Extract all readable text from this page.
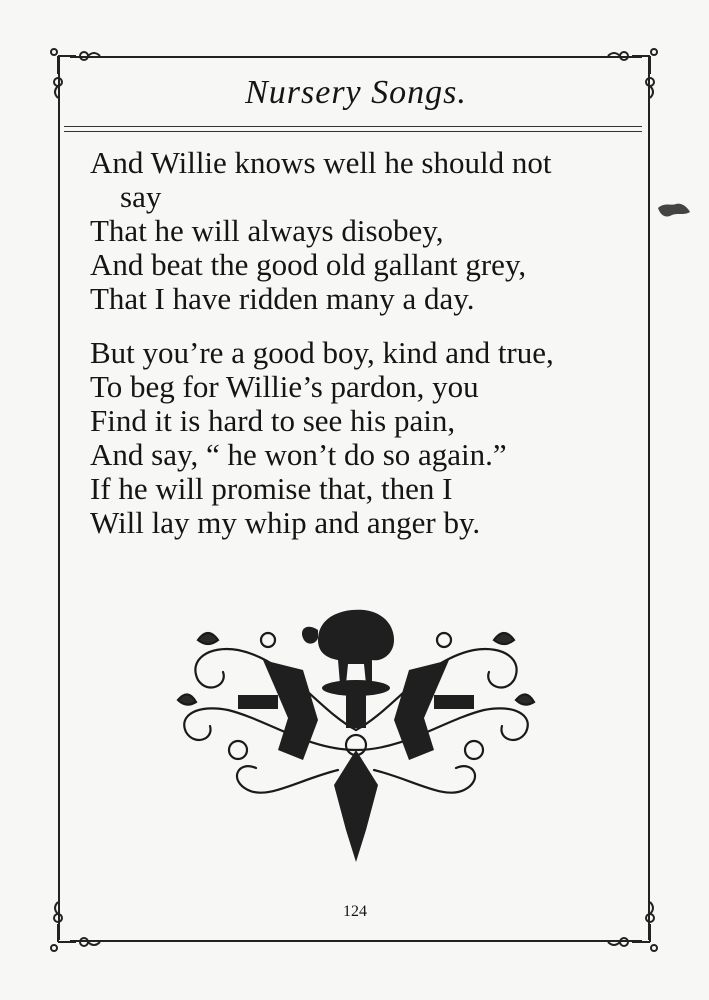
Nursery Songs.
And Willie knows well he should not
say
That he will always disobey,
And beat the good old gallant grey,
That I have ridden many a day.
But you’re a good boy, kind and true,
To beg for Willie’s pardon, you
Find it is hard to see his pain,
And say, “ he won’t do so again.”
If he will promise that, then I
Will lay my whip and anger by.
124
